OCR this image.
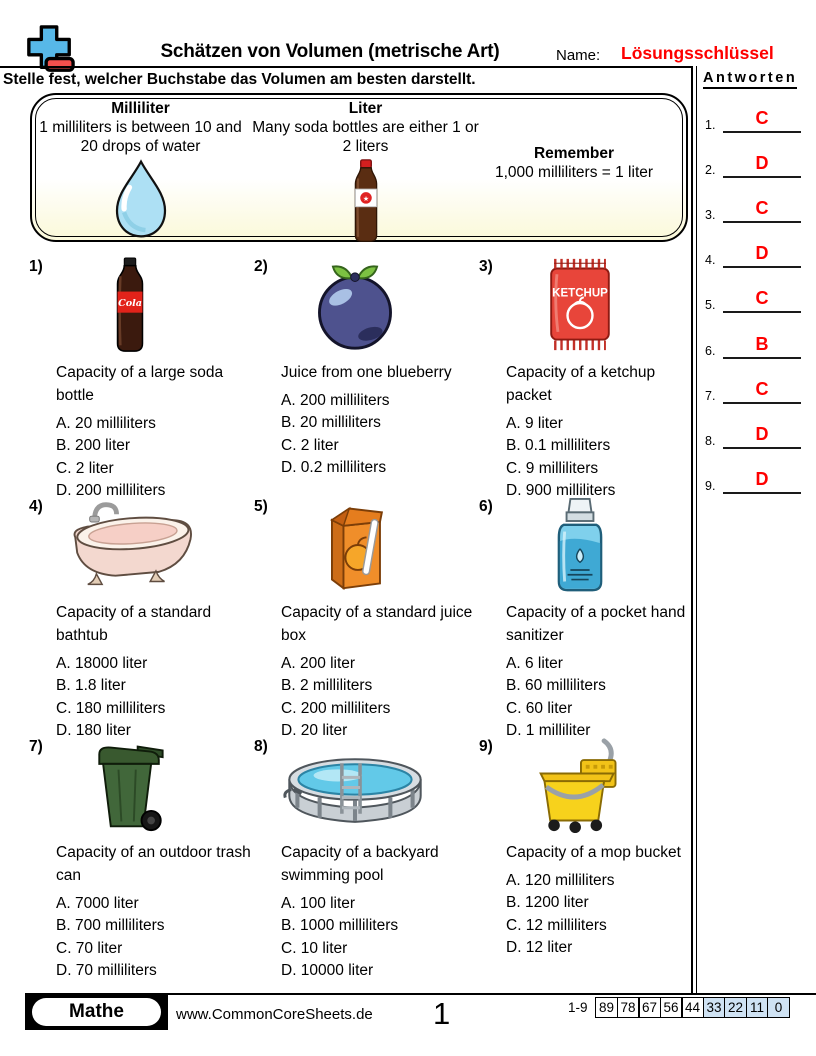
Schätzen von Volumen (metrische Art)	Name: Lösungsschlüssel
Stelle fest, welcher Buchstabe das Volumen am besten darstellt.
Milliliter
1 milliliters is between 10 and 20 drops of water
Liter
Many soda bottles are either 1 or 2 liters	Remember
1,000 milliliters = 1 liter
1)
Capacity of a large soda bottle
A. 20 milliliters
B. 200 liter
C. 2 liter
D. 200 milliliters
2)
Juice from one blueberry
A. 200 milliliters
B. 20 milliliters
C. 2 liter
D. 0.2 milliliters
3)
Capacity of a ketchup packet
A. 9 liter
B. 0.1 milliliters
C. 9 milliliters
D. 900 milliliters
4)
Capacity of a standard bathtub
A. 18000 liter
B. 1.8 liter
C. 180 milliliters
D. 180 liter
5)
Capacity of a standard juice box
A. 200 liter
B. 2 milliliters
C. 200 milliliters
D. 20 liter
6)
Capacity of a pocket hand sanitizer
A. 6 liter
B. 60 milliliters
C. 60 liter
D. 1 milliliter
7)
Capacity of an outdoor trash can
A. 7000 liter
B. 700 milliliters
C. 70 liter
D. 70 milliliters
8)
Capacity of a backyard swimming pool
A. 100 liter
B. 1000 milliliters
C. 10 liter
D. 10000 liter
9)
Capacity of a mop bucket
A. 120 milliliters
B. 1200 liter
C. 12 milliliters
D. 12 liter
Antworten
1.	C
2.	D
3.	C
4.	D
5.	C
6.	B
7.	C
8.	D
9.	D
Mathe	www.CommonCoreSheets.de 1	1-9 89 78 67 56 44 33 22 11 0
